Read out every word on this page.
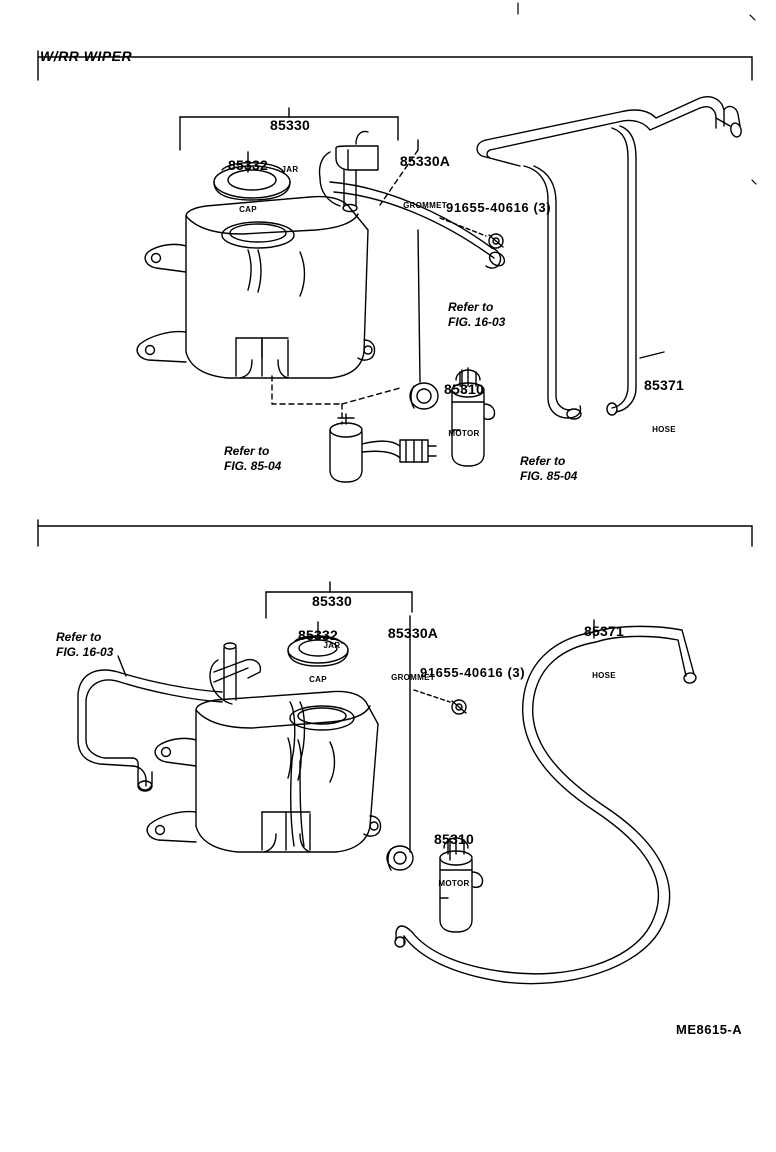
W/RR WIPER

85330

JAR

85332

CAP

85330A

GROMMET

91655-40616 (3)
Refer to
FIG. 16-03

85310

MOTOR

85371

HOSE

Refer to
FIG. 85-04	Refer to
FIG. 85-04

85330

JAR

85332

CAP

85330A

GROMMET

Refer to
FIG. 16-03
91655-40616 (3)

85371

HOSE

85310

MOTOR

ME8615-A
